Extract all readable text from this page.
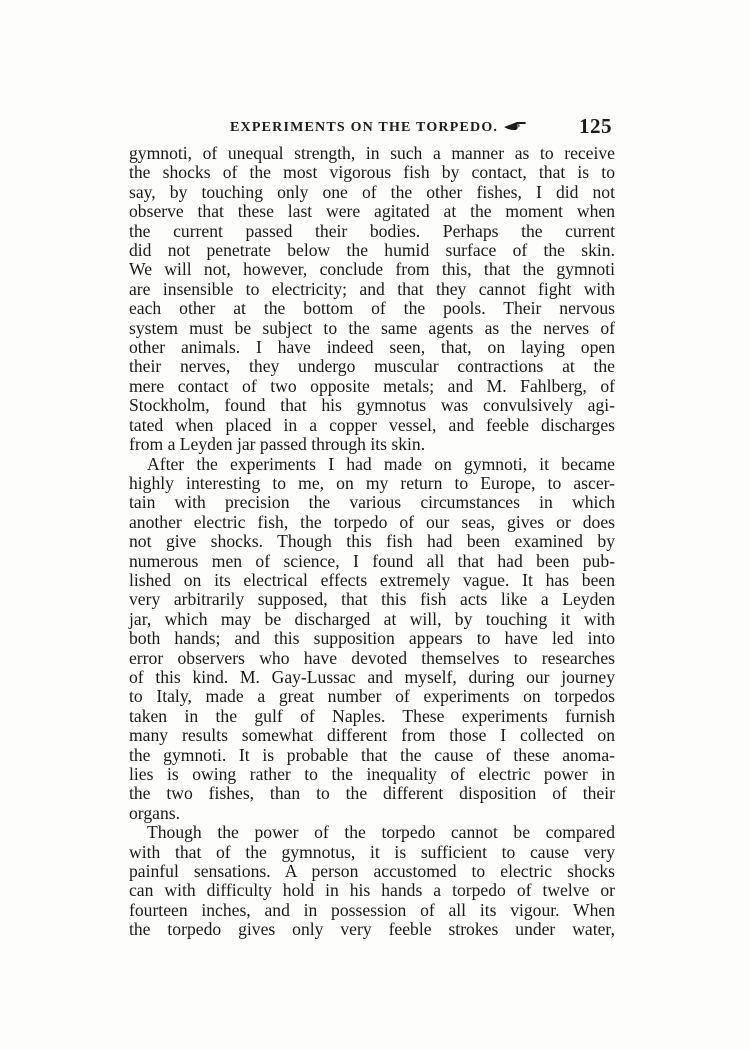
EXPERIMENTS ON THE TORPEDO.	125

gymnoti, of unequal strength, in such a manner as to receive
the shocks of the most vigorous fish by contact, that is to
say, by touching only one of the other fishes, I did not
observe that these last were agitated at the moment when
the current passed their bodies. Perhaps the current
did not penetrate below the humid surface of the skin.
We will not, however, conclude from this, that the gymnoti
are insensible to electricity; and that they cannot fight with
each other at the bottom of the pools. Their nervous
system must be subject to the same agents as the nerves of
other animals. I have indeed seen, that, on laying open
their nerves, they undergo muscular contractions at the
mere contact of two opposite metals; and M. Fahlberg, of
Stockholm, found that his gymnotus was convulsively agi-
tated when placed in a copper vessel, and feeble discharges
from a Leyden jar passed through its skin.

After the experiments I had made on gymnoti, it became
highly interesting to me, on my return to Europe, to ascer-
tain with precision the various circumstances in which
another electric fish, the torpedo of our seas, gives or does
not give shocks. Though this fish had been examined by
numerous men of science, I found all that had been pub-
lished on its electrical effects extremely vague. It has been
very arbitrarily supposed, that this fish acts like a Leyden
jar, which may be discharged at will, by touching it with
both hands; and this supposition appears to have led into
error observers who have devoted themselves to researches
of this kind. M. Gay-Lussac and myself, during our journey
to Italy, made a great number of experiments on torpedos
taken in the gulf of Naples. These experiments furnish
many results somewhat different from those I collected on
the gymnoti. It is probable that the cause of these anoma-
lies is owing rather to the inequality of electric power in
the two fishes, than to the different disposition of their
organs.

Though the power of the torpedo cannot be compared
with that of the gymnotus, it is sufficient to cause very
painful sensations. A person accustomed to electric shocks
can with difficulty hold in his hands a torpedo of twelve or
fourteen inches, and in possession of all its vigour. When
the torpedo gives only very feeble strokes under water,
